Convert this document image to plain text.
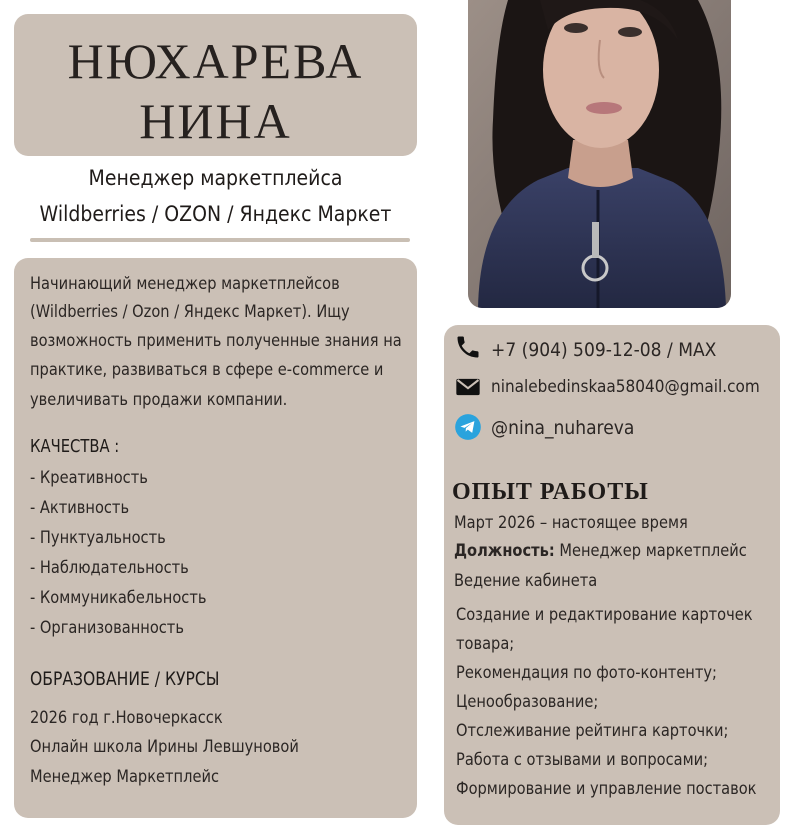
НЮХАРЕВА
НИНА
Менеджер маркетплейса
Wildberries / OZON / Яндекс Маркет
Начинающий менеджер маркетплейсов
(Wildberries / Ozon / Яндекс Маркет). Ищу
возможность применить полученные знания на
практике, развиваться в сфере e-commerce и
увеличивать продажи компании.
КАЧЕСТВА :
- Креативность
- Активность
- Пунктуальность
- Наблюдательность
- Коммуникабельность
- Организованность
ОБРАЗОВАНИЕ / КУРСЫ
2026 год г.Новочеркасск
Онлайн школа Ирины Левшуновой
Менеджер Маркетплейс
+7 (904) 509-12-08 / MAX
ninalebedinskaa58040@gmail.com
@nina_nuhareva
ОПЫТ РАБОТЫ
Март 2026 – настоящее время
Должность: Менеджер маркетплейс
Ведение кабинета
Создание и редактирование карточек
товара;
Рекомендация по фото-контенту;
Ценообразование;
Отслеживание рейтинга карточки;
Работа с отзывами и вопросами;
Формирование и управление поставок
